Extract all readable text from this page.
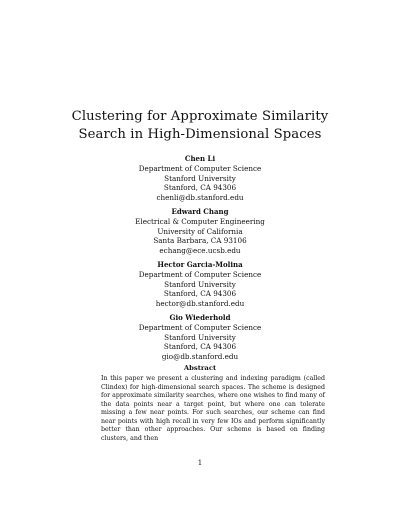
Clustering for Approximate Similarity
Search in High-Dimensional Spaces
Chen Li
Department of Computer Science
Stanford University
Stanford, CA 94306
chenli@db.stanford.edu
Edward Chang
Electrical & Computer Engineering
University of California
Santa Barbara, CA 93106
echang@ece.ucsb.edu
Hector Garcia-Molina
Department of Computer Science
Stanford University
Stanford, CA 94306
hector@db.stanford.edu
Gio Wiederhold
Department of Computer Science
Stanford University
Stanford, CA 94306
gio@db.stanford.edu
Abstract
In this paper we present a clustering and indexing paradigm (called Clindex) for high-dimensional search spaces. The scheme is designed for approximate similarity searches, where one wishes to find many of the data points near a target point, but where one can tolerate missing a few near points. For such searches, our scheme can find near points with high recall in very few IOs and perform significantly better than other approaches. Our scheme is based on finding clusters, and then
1
